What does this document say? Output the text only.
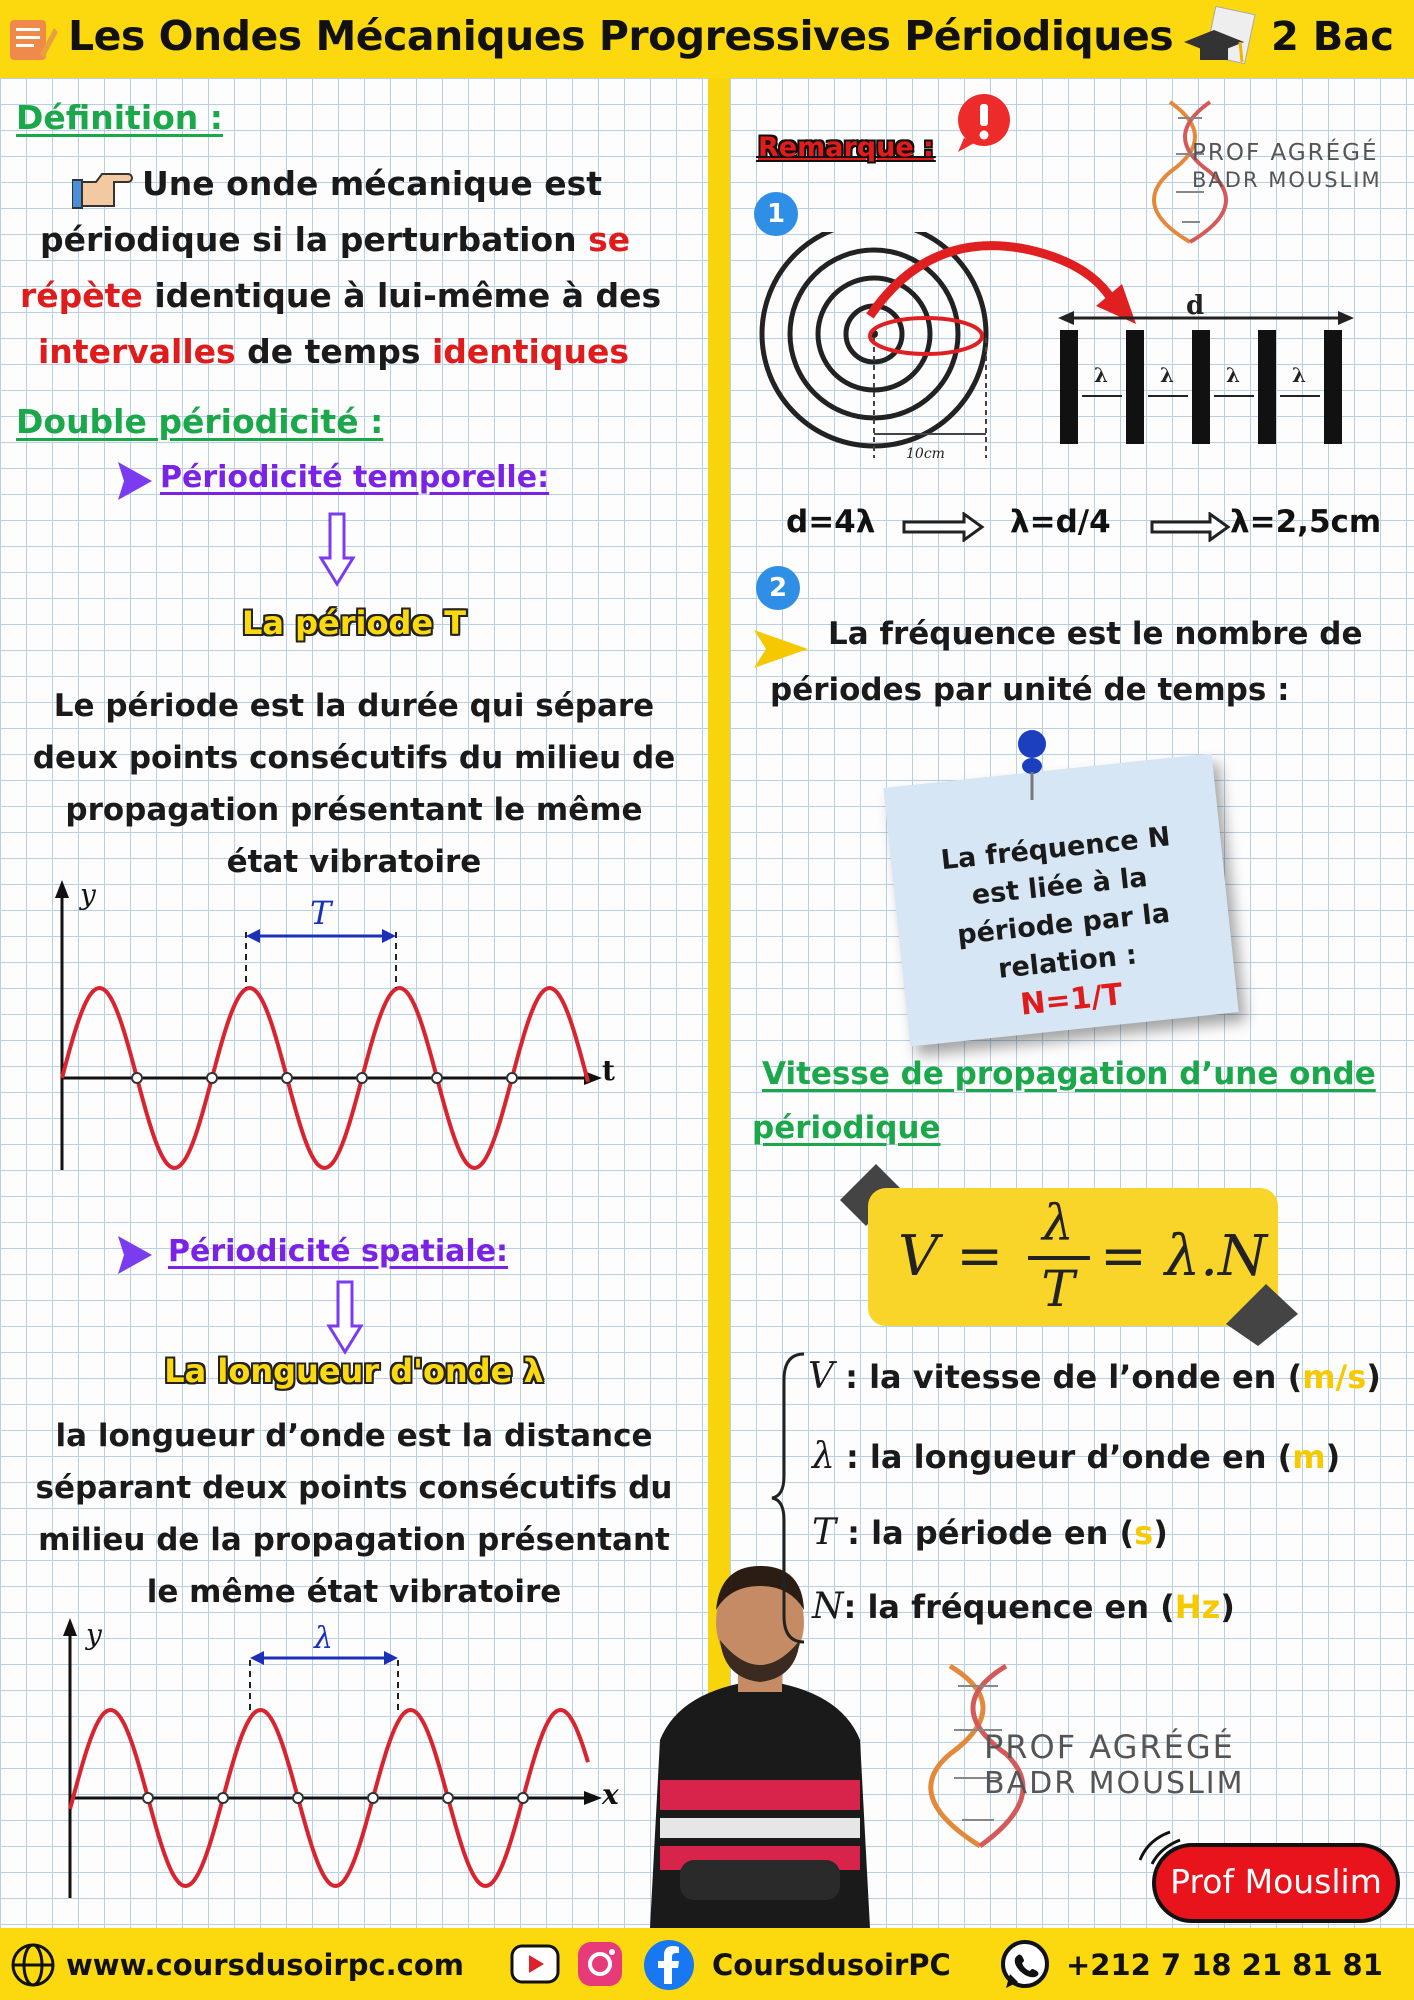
Les Ondes Mécaniques Progressives Périodiques 2 Bac
Définition :
Une onde mécanique est
périodique si la perturbation se
répète identique à lui-même à des
intervalles de temps identiques
Double périodicité :
Périodicité temporelle:
La période T
Le période est la durée qui sépare
deux points consécutifs du milieu de
propagation présentant le même
état vibratoire
y
t
T
Périodicité spatiale:
La longueur d'onde λ
la longueur d’onde est la distance
séparant deux points consécutifs du
milieu de la propagation présentant
le même état vibratoire
y
x
λ
Remarque :	PROF AGRÉGÉ
BADR MOUSLIM
1
10cm
d
λ	λ	λ	λ
d=4λ	λ=d/4	λ=2,5cm
2
La fréquence est le nombre de
périodes par unité de temps :
La fréquence N
est liée à la
période par la
relation :
N=1/T
Vitesse de propagation d’une onde
périodique
V =
λ
T = λ.N
V : la vitesse de l’onde en (m/s)
λ : la longueur d’onde en (m)
T : la période en (s)
N: la fréquence en (Hz)
PROF AGRÉGÉ
BADR MOUSLIM
Prof Mouslim
www.coursdusoirpc.com	CoursdusoirPC	+212 7 18 21 81 81
